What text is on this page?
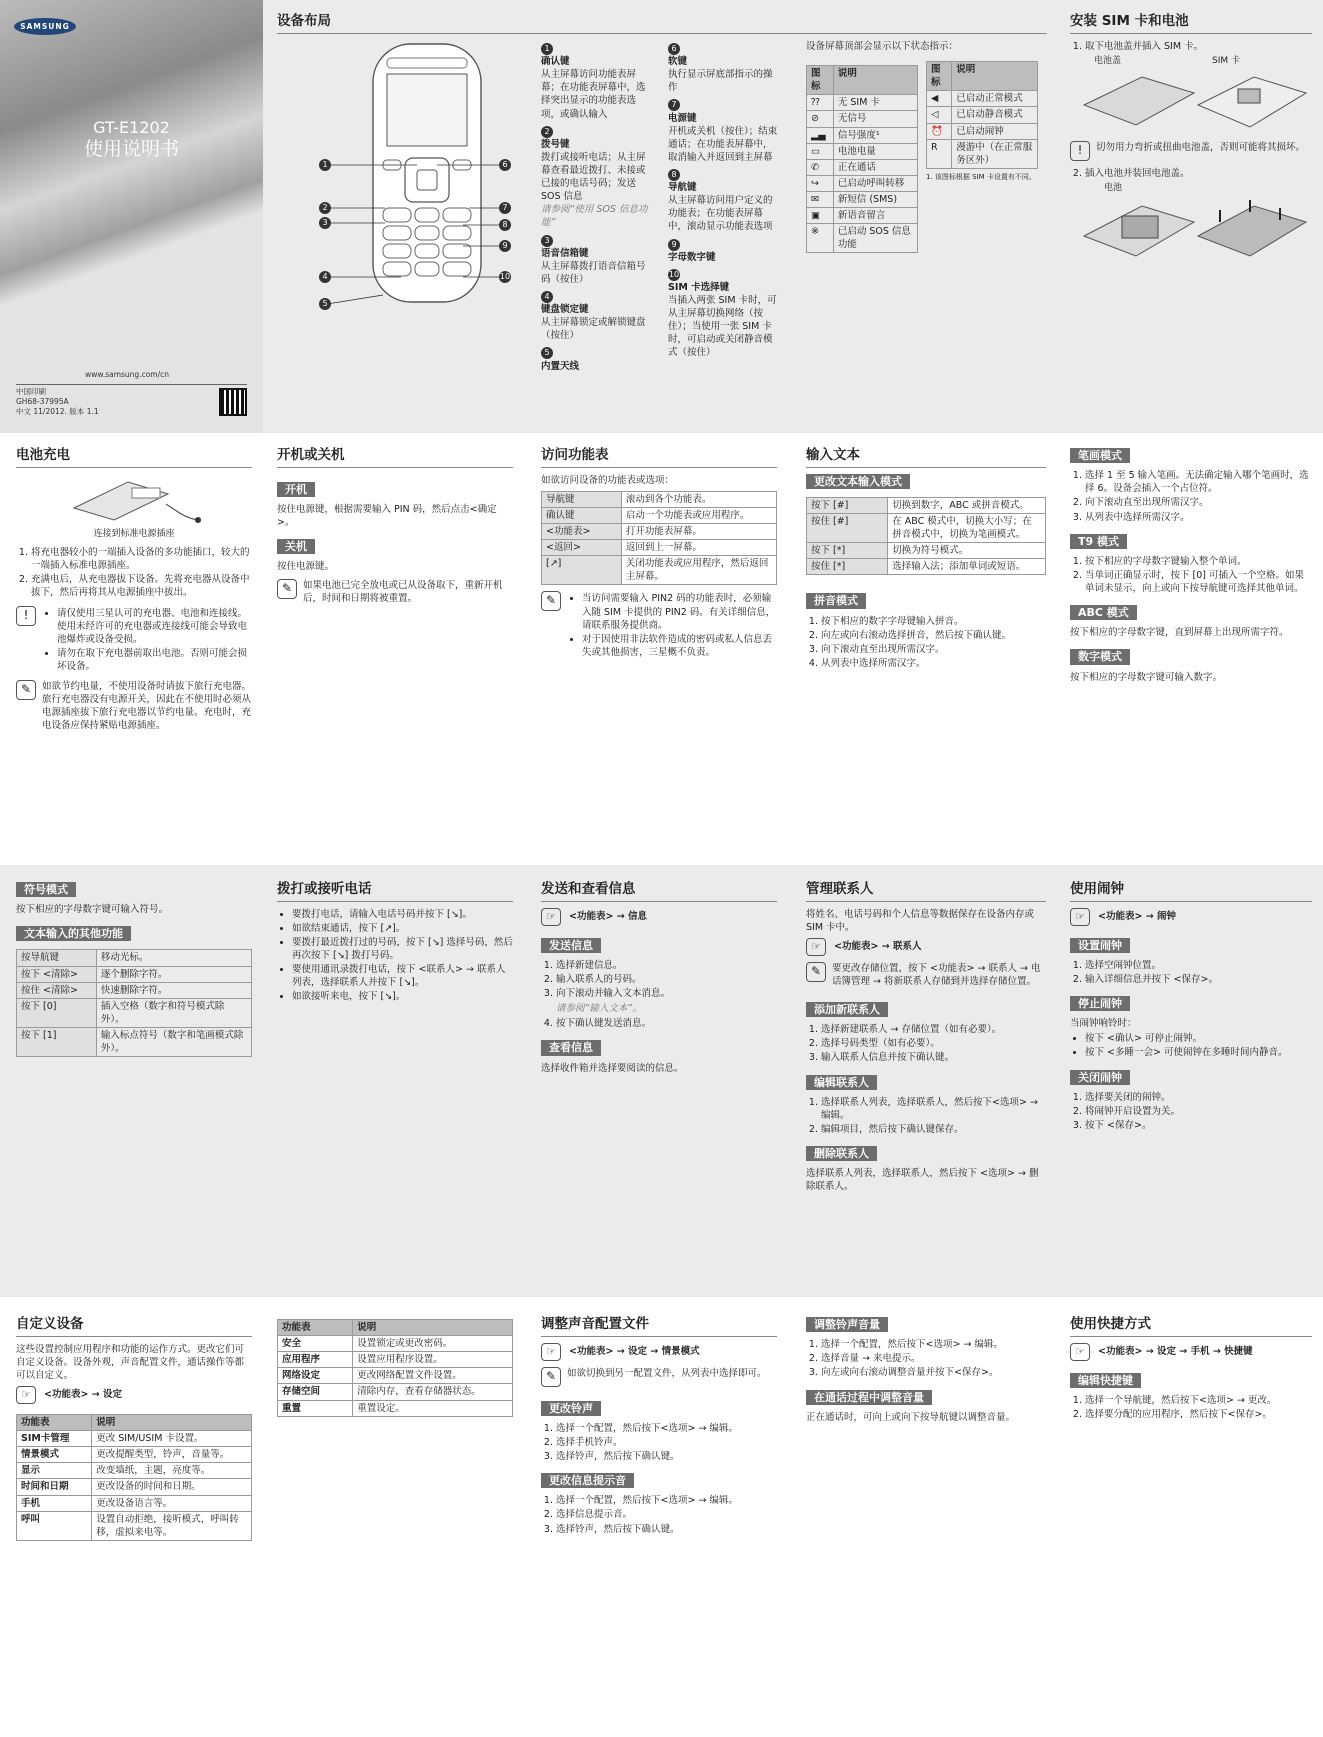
SAMSUNG
GT-E1202
使用说明书
www.samsung.com/cn
中国印刷
GH68-37995A
中文 11/2012. 版本 1.1
设备布局
1
2
3
4
5
6
7
8
9
10
1
确认键
从主屏幕访问功能表屏幕；在功能表屏幕中，选择突出显示的功能表选项，或确认输入
2
拨号键
拨打或接听电话；从主屏幕查看最近拨打、未接或已接的电话号码；发送 SOS 信息
请参阅“使用 SOS 信息功能”
3
语音信箱键
从主屏幕拨打语音信箱号码（按住）
4
键盘锁定键
从主屏幕锁定或解锁键盘（按住）
5
内置天线
6
软键
执行显示屏底部指示的操作
7
电源键
开机或关机（按住）；结束通话；在功能表屏幕中，取消输入并返回到主屏幕
8
导航键
从主屏幕访问用户定义的功能表；在功能表屏幕中，滚动显示功能表选项
9
字母数字键
10
SIM 卡选择键
当插入两张 SIM 卡时，可从主屏幕切换网络（按住）；当使用一张 SIM 卡时，可启动或关闭静音模式（按住）
设备屏幕顶部会显示以下状态指示：
图标	说明
⁇	无 SIM 卡
⊘	无信号
▂▄	信号强度¹
▭	电池电量
✆	正在通话
↪	已启动呼叫转移
✉	新短信 (SMS)
▣	新语音留言
※	已启动 SOS 信息功能
图标	说明
◀	已启动正常模式
◁	已启动静音模式
⏰	已启动闹钟
R	漫游中（在正常服务区外）
1. 该图标根据 SIM 卡设置有不同。
安装 SIM 卡和电池
1. 取下电池盖并插入 SIM 卡。
电池盖	SIM 卡
!	切勿用力弯折或扭曲电池盖，否则可能将其损坏。
2. 插入电池并装回电池盖。
电池
电池充电
连接到标准电源插座
1. 将充电器较小的一端插入设备的多功能插口，较大的一端插入标准电源插座。
2. 充满电后，从充电器拔下设备。先将充电器从设备中拔下，然后再将其从电源插座中拔出。
!	• 请仅使用三星认可的充电器、电池和连接线。使用未经许可的充电器或连接线可能会导致电池爆炸或设备受损。
• 请勿在取下充电器前取出电池。否则可能会损坏设备。
✎	如欲节约电量，不使用设备时请拔下旅行充电器。旅行充电器没有电源开关，因此在不使用时必须从电源插座拔下旅行充电器以节约电量。充电时，充电设备应保持紧贴电源插座。
开机或关机
开机
按住电源键，根据需要输入 PIN 码，然后点击<确定>。
关机
按住电源键。
✎	如果电池已完全放电或已从设备取下，重新开机后，时间和日期将被重置。
访问功能表
如欲访问设备的功能表或选项：
导航键	滚动到各个功能表。
确认键	启动一个功能表或应用程序。
<功能表>	打开功能表屏幕。
<返回>	返回到上一屏幕。
[↗]	关闭功能表或应用程序，然后返回主屏幕。
✎	• 当访问需要输入 PIN2 码的功能表时，必须输入随 SIM 卡提供的 PIN2 码。有关详细信息，请联系服务提供商。
• 对于因使用非法软件造成的密码或私人信息丢失或其他损害，三星概不负责。
输入文本
更改文本输入模式
按下 [#]	切换到数字，ABC 或拼音模式。
按住 [#]	在 ABC 模式中，切换大小写；在拼音模式中，切换为笔画模式。
按下 [*]	切换为符号模式。
按住 [*]	选择输入法；添加单词或短语。
拼音模式
1. 按下相应的数字字母键输入拼音。
2. 向左或向右滚动选择拼音，然后按下确认键。
3. 向下滚动直至出现所需汉字。
4. 从列表中选择所需汉字。
笔画模式
1. 选择 1 至 5 输入笔画。无法确定输入哪个笔画时，选择 6。设备会插入一个占位符。
2. 向下滚动直至出现所需汉字。
3. 从列表中选择所需汉字。
T9 模式
1. 按下相应的字母数字键输入整个单词。
2. 当单词正确显示时，按下 [0] 可插入一个空格。如果单词未显示，向上或向下按导航键可选择其他单词。
ABC 模式
按下相应的字母数字键，直到屏幕上出现所需字符。
数字模式
按下相应的字母数字键可输入数字。
符号模式
按下相应的字母数字键可输入符号。
文本输入的其他功能
按导航键	移动光标。
按下 <清除>	逐个删除字符。
按住 <清除>	快速删除字符。
按下 [0]	插入空格（数字和符号模式除外）。
按下 [1]	输入标点符号（数字和笔画模式除外）。
拨打或接听电话
• 要拨打电话，请输入电话号码并按下 [↘]。
• 如欲结束通话，按下 [↗]。
• 要拨打最近拨打过的号码，按下 [↘] 选择号码，然后再次按下 [↘] 拨打号码。
• 要使用通讯录拨打电话，按下 <联系人> → 联系人列表，选择联系人并按下 [↘]。
• 如欲接听来电，按下 [↘]。
发送和查看信息
☞	<功能表> → 信息
发送信息
1. 选择新建信息。
2. 输入联系人的号码。
3. 向下滚动并输入文本消息。
请参阅“输入文本”。
4. 按下确认键发送消息。
查看信息
选择收件箱并选择要阅读的信息。
管理联系人
将姓名、电话号码和个人信息等数据保存在设备内存或 SIM 卡中。
☞	<功能表> → 联系人
✎	要更改存储位置，按下 <功能表> → 联系人 → 电话簿管理 → 将新联系人存储到并选择存储位置。
添加新联系人
1. 选择新建联系人 → 存储位置（如有必要）。
2. 选择号码类型（如有必要）。
3. 输入联系人信息并按下确认键。
编辑联系人
1. 选择联系人列表，选择联系人，然后按下<选项> → 编辑。
2. 编辑项目，然后按下确认键保存。
删除联系人
选择联系人列表，选择联系人，然后按下 <选项> → 删除联系人。
使用闹钟
☞	<功能表> → 闹钟
设置闹钟
1. 选择空闹钟位置。
2. 输入详细信息并按下 <保存>。
停止闹钟
当闹钟响铃时：
• 按下 <确认> 可停止闹钟。
• 按下 <多睡一会> 可使闹钟在多睡时间内静音。
关闭闹钟
1. 选择要关闭的闹钟。
2. 将闹钟开启设置为关。
3. 按下 <保存>。
自定义设备
这些设置控制应用程序和功能的运作方式。更改它们可自定义设备。设备外观，声音配置文件，通话操作等都可以自定义。
☞	<功能表> → 设定
功能表	说明
SIM卡管理	更改 SIM/USIM 卡设置。
情景模式	更改提醒类型，铃声，音量等。
显示	改变墙纸，主题，亮度等。
时间和日期	更改设备的时间和日期。
手机	更改设备语言等。
呼叫	设置自动拒绝，接听模式，呼叫转移，虚拟来电等。
功能表	说明
安全	设置锁定或更改密码。
应用程序	设置应用程序设置。
网络设定	更改网络配置文件设置。
存储空间	清除内存，查看存储器状态。
重置	重置设定。
调整声音配置文件
☞	<功能表> → 设定 → 情景模式
✎	如欲切换到另一配置文件，从列表中选择即可。
更改铃声
1. 选择一个配置，然后按下<选项> → 编辑。
2. 选择手机铃声。
3. 选择铃声，然后按下确认键。
更改信息提示音
1. 选择一个配置，然后按下<选项> → 编辑。
2. 选择信息提示音。
3. 选择铃声，然后按下确认键。
调整铃声音量
1. 选择一个配置，然后按下<选项> → 编辑。
2. 选择音量 → 来电提示。
3. 向左或向右滚动调整音量并按下<保存>。
在通话过程中调整音量
正在通话时，可向上或向下按导航键以调整音量。
使用快捷方式
☞	<功能表> → 设定 → 手机 → 快捷键
编辑快捷键
1. 选择一个导航键，然后按下<选项> → 更改。
2. 选择要分配的应用程序，然后按下<保存>。
